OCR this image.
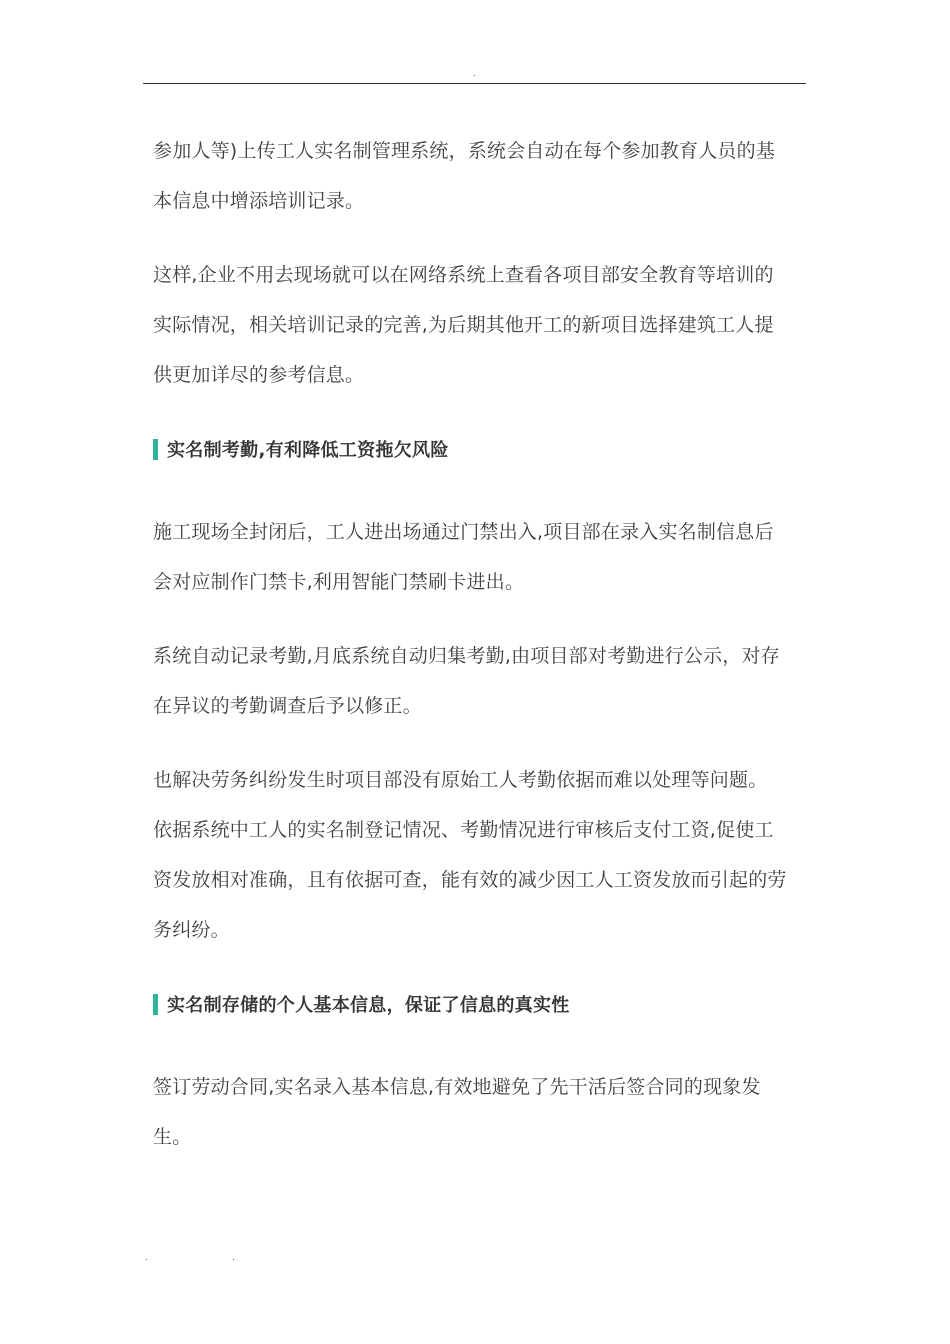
.

参加人等)上传工人实名制管理系统，系统会自动在每个参加教育人员的基
本信息中增添培训记录。

这样,企业不用去现场就可以在网络系统上查看各项目部安全教育等培训的
实际情况，相关培训记录的完善,为后期其他开工的新项目选择建筑工人提
供更加详尽的参考信息。

实名制考勤,有利降低工资拖欠风险

施工现场全封闭后，工人进出场通过门禁出入,项目部在录入实名制信息后
会对应制作门禁卡,利用智能门禁刷卡进出。

系统自动记录考勤,月底系统自动归集考勤,由项目部对考勤进行公示，对存
在异议的考勤调查后予以修正。

也解决劳务纠纷发生时项目部没有原始工人考勤依据而难以处理等问题。
依据系统中工人的实名制登记情况、考勤情况进行审核后支付工资,促使工
资发放相对准确，且有依据可查，能有效的减少因工人工资发放而引起的劳
务纠纷。

实名制存储的个人基本信息，保证了信息的真实性

签订劳动合同,实名录入基本信息,有效地避免了先干活后签合同的现象发
生。

.	.
